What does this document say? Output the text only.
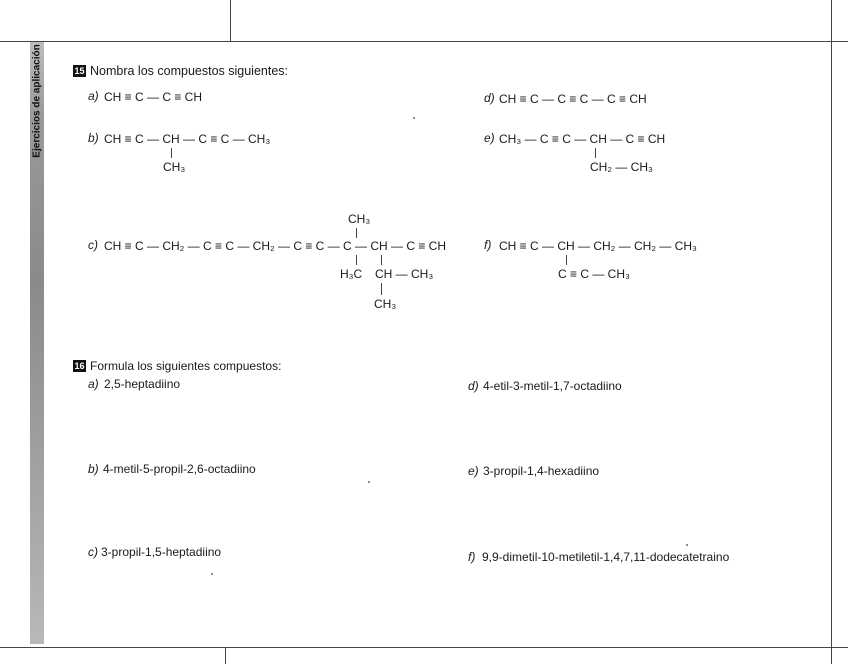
Ejercicios de aplicación	15 Nombra los compuestos siguientes:
a) CH ≡ C — C ≡ CH
b) CH ≡ C — CH — C ≡ C — CH₃
CH₃
CH₃
c) CH ≡ C — CH₂ — C ≡ C — CH₂ — C ≡ C — C — CH — C ≡ CH
H₃C CH — CH₃
CH₃
d) CH ≡ C — C ≡ C — C ≡ CH
e) CH₃ — C ≡ C — CH — C ≡ CH
CH₂ — CH₃
f) CH ≡ C — CH — CH₂ — CH₂ — CH₃
C ≡ C — CH₃
16 Formula los siguientes compuestos:
a) 2,5-heptadiino
b) 4-metil-5-propil-2,6-octadiino
c) 3-propil-1,5-heptadiino
d) 4-etil-3-metil-1,7-octadiino
e) 3-propil-1,4-hexadiino
f) 9,9-dimetil-10-metiletil-1,4,7,11-dodecatetraino
